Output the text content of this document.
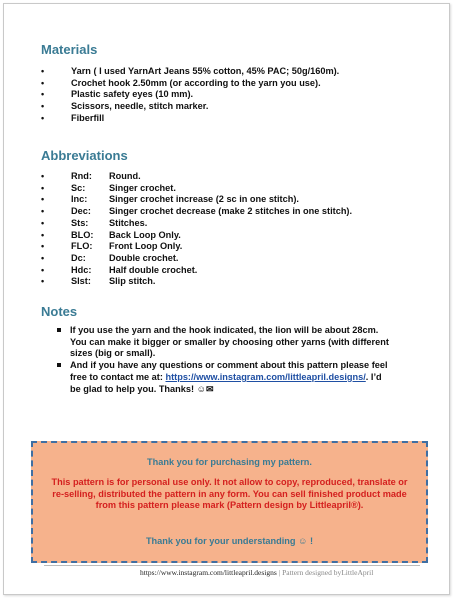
Materials
• Yarn ( I used YarnArt Jeans 55% cotton, 45% PAC; 50g/160m).
• Crochet hook 2.50mm (or according to the yarn you use).
• Plastic safety eyes (10 mm).
• Scissors, needle, stitch marker.
• Fiberfill
Abbreviations
• Rnd: Round.
• Sc:	Singer crochet.
• Inc: Singer crochet increase (2 sc in one stitch).
• Dec: Singer crochet decrease (make 2 stitches in one stitch).
• Sts: Stitches.
• BLO: Back Loop Only.
• FLO: Front Loop Only.
• Dc:	Double crochet.
• Hdc: Half double crochet.
• Slst: Slip stitch.
Notes
If you use the yarn and the hook indicated, the lion will be about 28cm. You can make it bigger or smaller by choosing other yarns (with different sizes (big or small).
And if you have any questions or comment about this pattern please feel free to contact me at: https://www.instagram.com/littleapril.designs/. I’d be glad to help you. Thanks! ☺✉
Thank you for purchasing my pattern.
This pattern is for personal use only. It not allow to copy, reproduced, translate or re-selling, distributed the pattern in any form. You can sell finished product made from this pattern please mark (Pattern design by Littleapril®).
Thank you for your understanding ☺ !
https://www.instagram.com/littleapril.designs | Pattern designed byLittleApril
